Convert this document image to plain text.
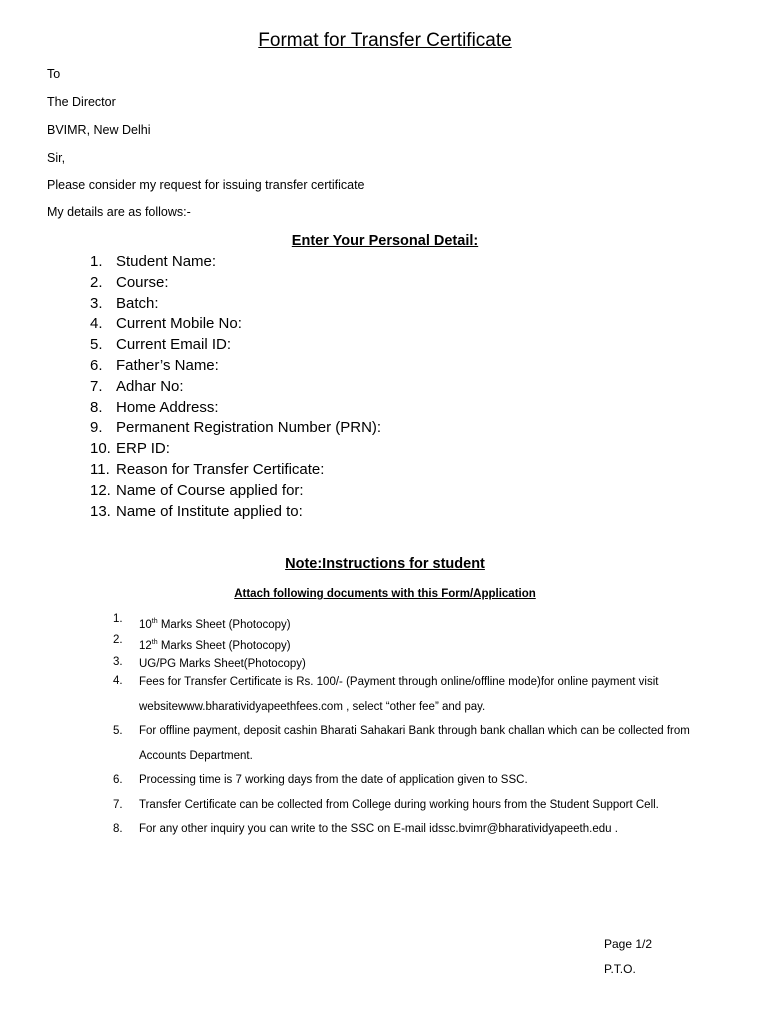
Format for Transfer Certificate
To
The Director
BVIMR, New Delhi
Sir,
Please consider my request for issuing transfer certificate
My details are as follows:-
Enter Your Personal Detail:
1. Student Name:
2. Course:
3. Batch:
4. Current Mobile No:
5. Current Email ID:
6. Father’s Name:
7. Adhar No:
8. Home Address:
9. Permanent Registration Number (PRN):
10. ERP ID:
11. Reason for Transfer Certificate:
12. Name of Course applied for:
13. Name of Institute applied to:
Note:Instructions for student
Attach following documents with this Form/Application
1.	10th Marks Sheet (Photocopy)
2.	12th Marks Sheet (Photocopy)
3.	UG/PG Marks Sheet(Photocopy)
4.	Fees for Transfer Certificate is Rs. 100/- (Payment through online/offline mode)for online payment visit websitewww.bharatividyapeethfees.com , select “other fee” and pay.
5.	For offline payment, deposit cashin Bharati Sahakari Bank through bank challan which can be collected from Accounts Department.
6.	Processing time is 7 working days from the date of application given to SSC.
7.	Transfer Certificate can be collected from College during working hours from the Student Support Cell.
8.	For any other inquiry you can write to the SSC on E-mail idssc.bvimr@bharatividyapeeth.edu .
Page 1/2
P.T.O.
